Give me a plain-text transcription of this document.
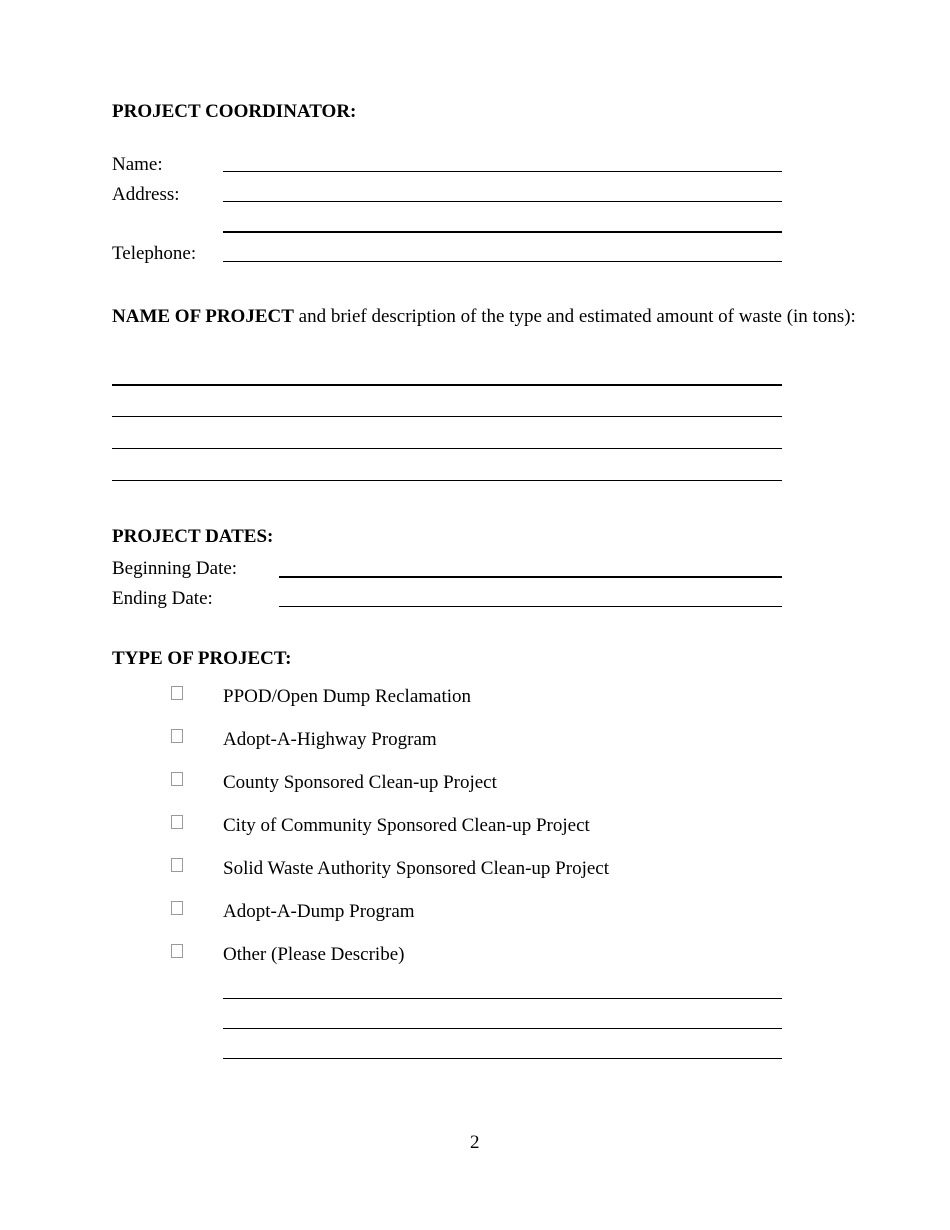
PROJECT COORDINATOR:
Name:
Address:
Telephone:
NAME OF PROJECT and brief description of the type and estimated amount of waste (in tons):
PROJECT DATES:
Beginning Date:
Ending Date:
TYPE OF PROJECT:
PPOD/Open Dump Reclamation
Adopt-A-Highway Program
County Sponsored Clean-up Project
City of Community Sponsored Clean-up Project
Solid Waste Authority Sponsored Clean-up Project
Adopt-A-Dump Program
Other (Please Describe)
2
